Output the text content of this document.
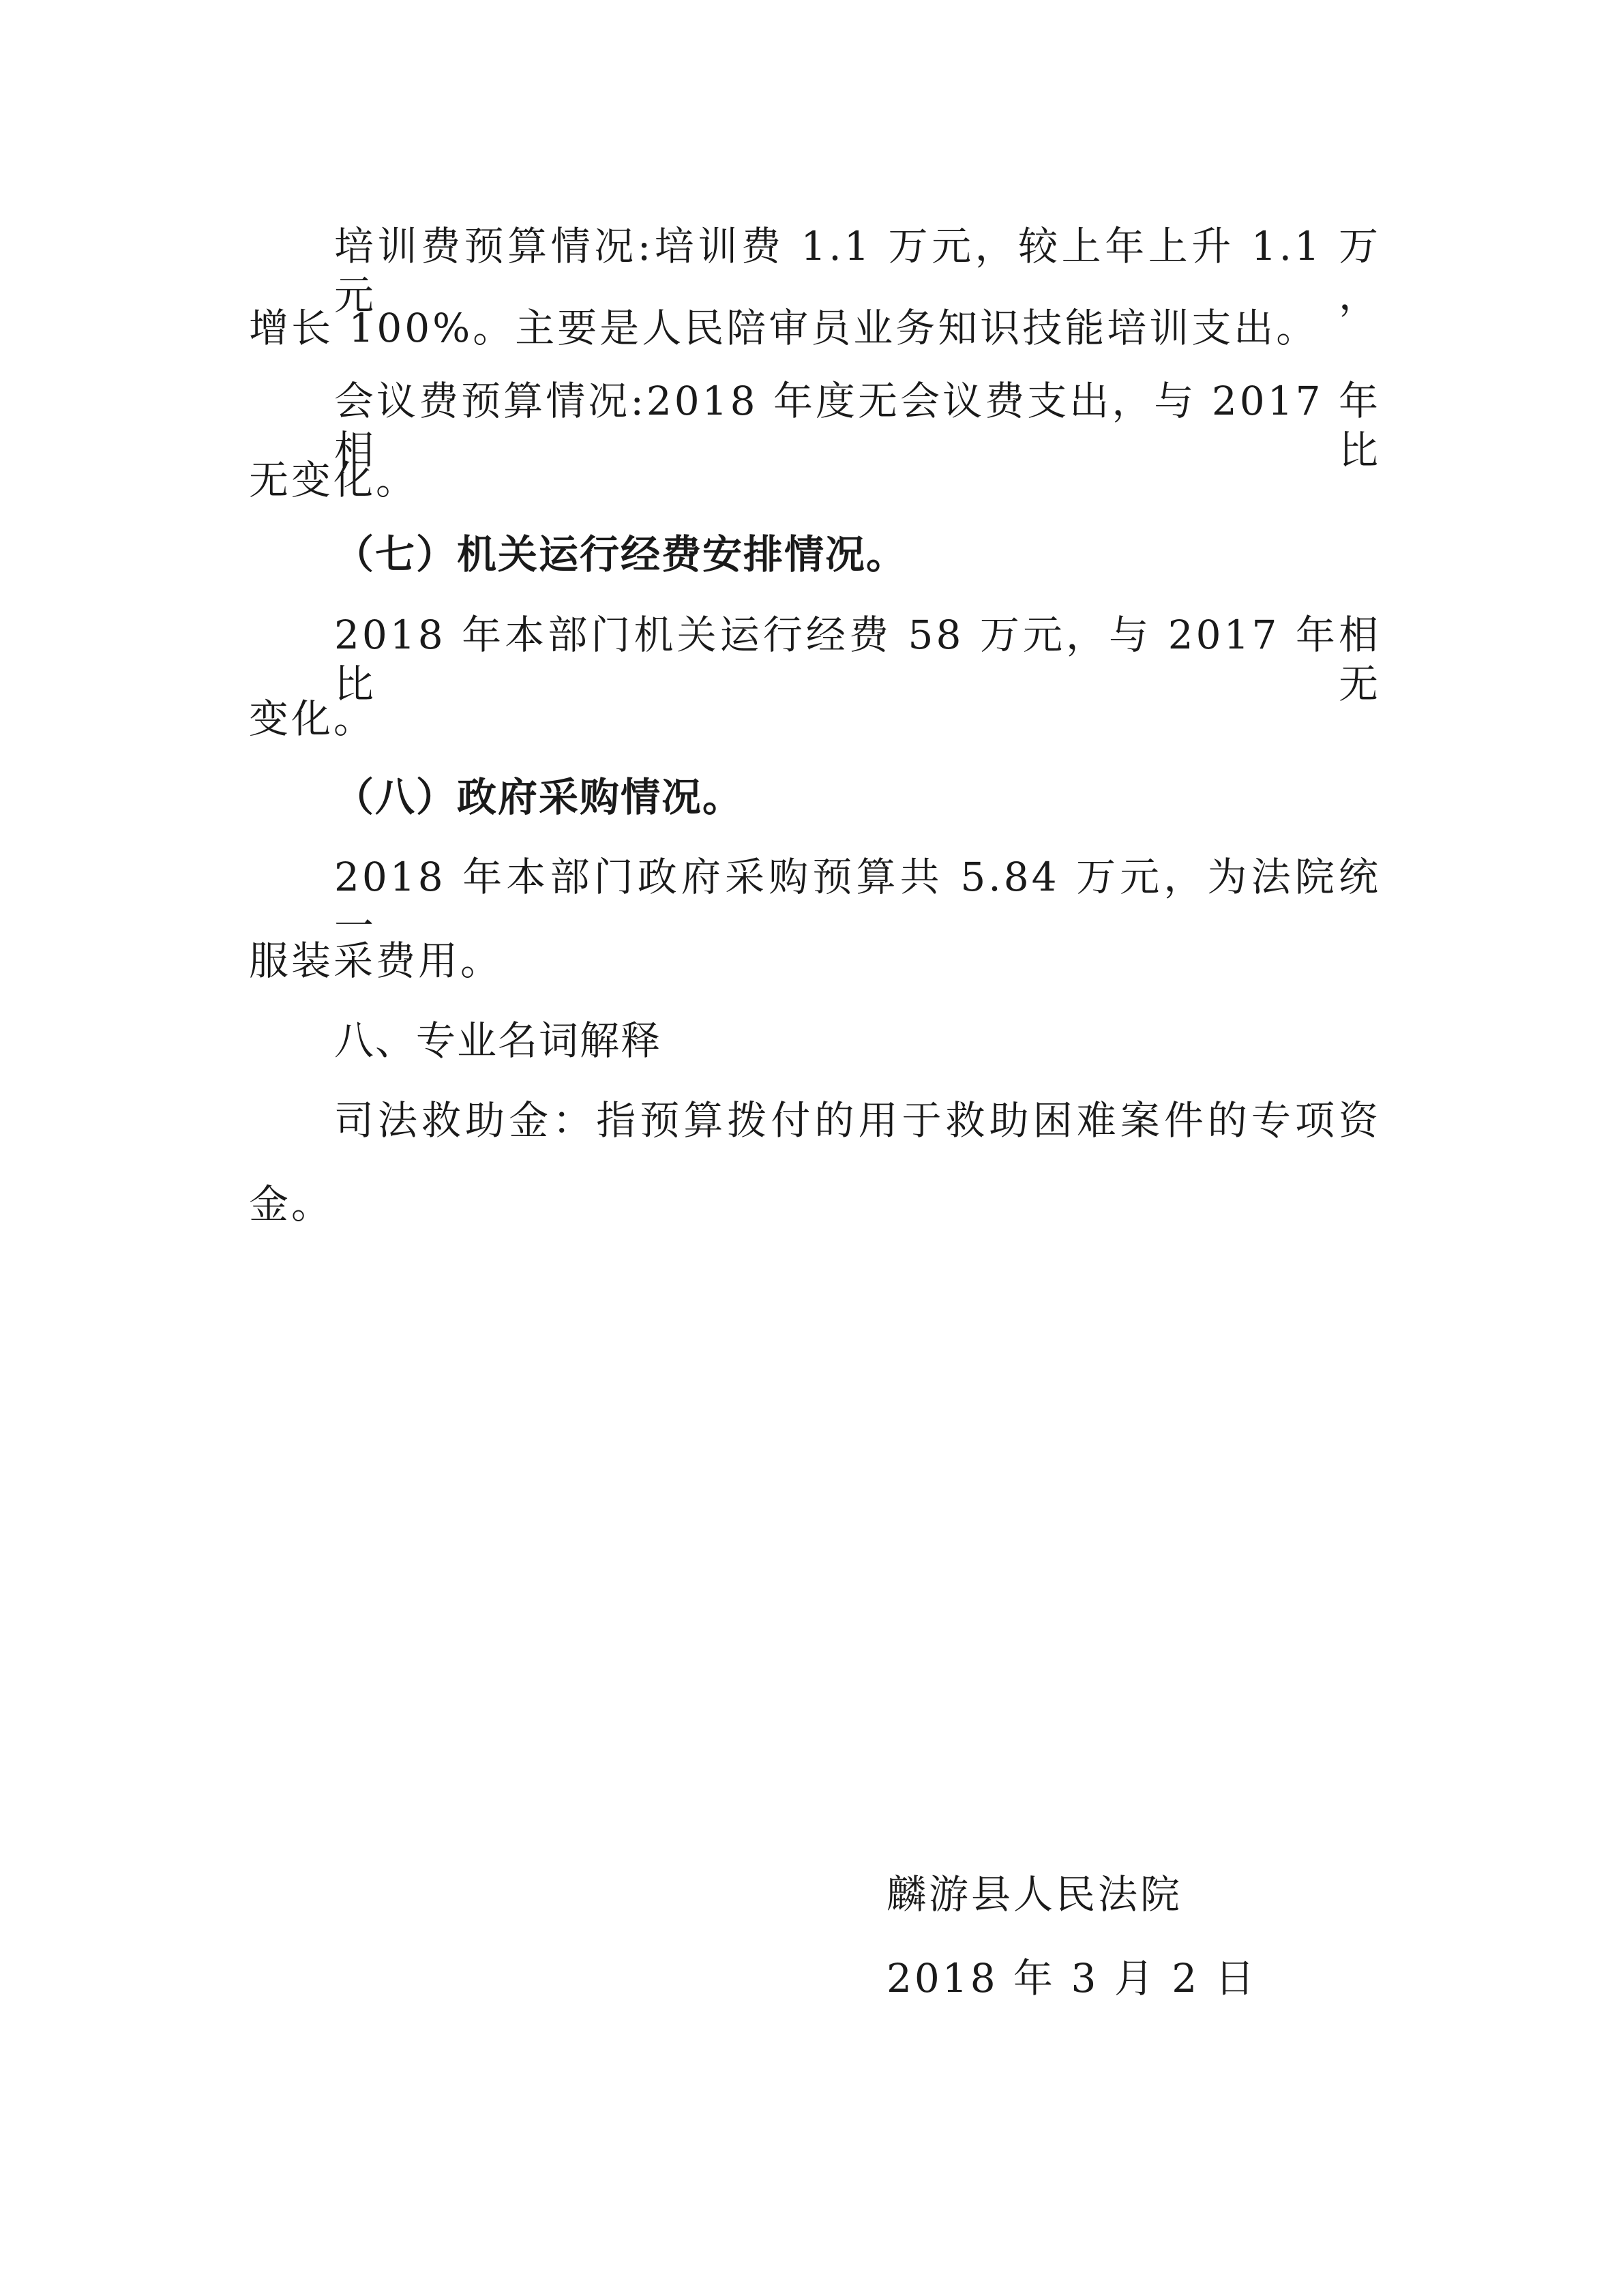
培训费预算情况:培训费 1.1 万元，较上年上升 1.1 万元，

增长 100%。主要是人民陪审员业务知识技能培训支出。

会议费预算情况:2018 年度无会议费支出，与 2017 年相比

无变化。

（七）机关运行经费安排情况。

2018 年本部门机关运行经费 58 万元，与 2017 年相比无

变化。

（八）政府采购情况。

2018 年本部门政府采购预算共 5.84 万元，为法院统一

服装采费用。

八、专业名词解释

司法救助金：指预算拨付的用于救助困难案件的专项资

金。

麟游县人民法院

2018 年 3 月 2 日
